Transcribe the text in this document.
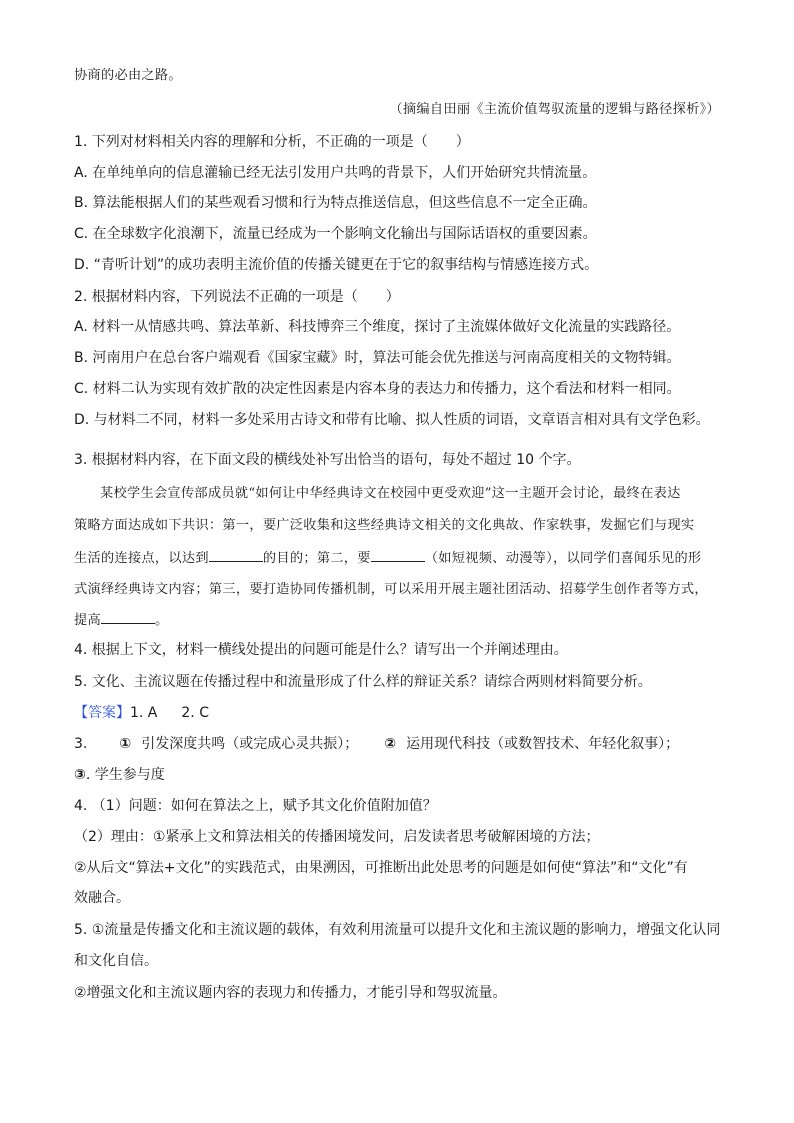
协商的必由之路。
（摘编自田丽《主流价值驾驭流量的逻辑与路径探析》）
1. 下列对材料相关内容的理解和分析，不正确的一项是（　　）
A. 在单纯单向的信息灌输已经无法引发用户共鸣的背景下，人们开始研究共情流量。
B. 算法能根据人们的某些观看习惯和行为特点推送信息，但这些信息不一定全正确。
C. 在全球数字化浪潮下，流量已经成为一个影响文化输出与国际话语权的重要因素。
D. “青听计划”的成功表明主流价值的传播关键更在于它的叙事结构与情感连接方式。
2. 根据材料内容，下列说法不正确的一项是（　　）
A. 材料一从情感共鸣、算法革新、科技博弈三个维度，探讨了主流媒体做好文化流量的实践路径。
B. 河南用户在总台客户端观看《国家宝藏》时，算法可能会优先推送与河南高度相关的文物特辑。
C. 材料二认为实现有效扩散的决定性因素是内容本身的表达力和传播力，这个看法和材料一相同。
D. 与材料二不同，材料一多处采用古诗文和带有比喻、拟人性质的词语，文章语言相对具有文学色彩。
3. 根据材料内容，在下面文段的横线处补写出恰当的语句，每处不超过 10 个字。
某校学生会宣传部成员就“如何让中华经典诗文在校园中更受欢迎”这一主题开会讨论，最终在表达
策略方面达成如下共识：第一，要广泛收集和这些经典诗文相关的文化典故、作家轶事，发掘它们与现实
生活的连接点，以达到	的目的；第二，要	（如短视频、动漫等），以同学们喜闻乐见的形
式演绎经典诗文内容；第三，要打造协同传播机制，可以采用开展主题社团活动、招募学生创作者等方式，
提高	。
4. 根据上下文，材料一横线处提出的问题可能是什么？请写出一个并阐述理由。
5. 文化、主流议题在传播过程中和流量形成了什么样的辩证关系？请综合两则材料简要分析。
【答案】1. A 2. C
3. ① 引发深度共鸣（或完成心灵共振）； ② 运用现代科技（或数智技术、年轻化叙事）；
③. 学生参与度
4. （1）问题：如何在算法之上，赋予其文化价值附加值？
（2）理由：①紧承上文和算法相关的传播困境发问，启发读者思考破解困境的方法；
②从后文“算法+文化”的实践范式，由果溯因，可推断出此处思考的问题是如何使“算法”和“文化”有
效融合。
5. ①流量是传播文化和主流议题的载体，有效利用流量可以提升文化和主流议题的影响力，增强文化认同
和文化自信。
②增强文化和主流议题内容的表现力和传播力，才能引导和驾驭流量。
